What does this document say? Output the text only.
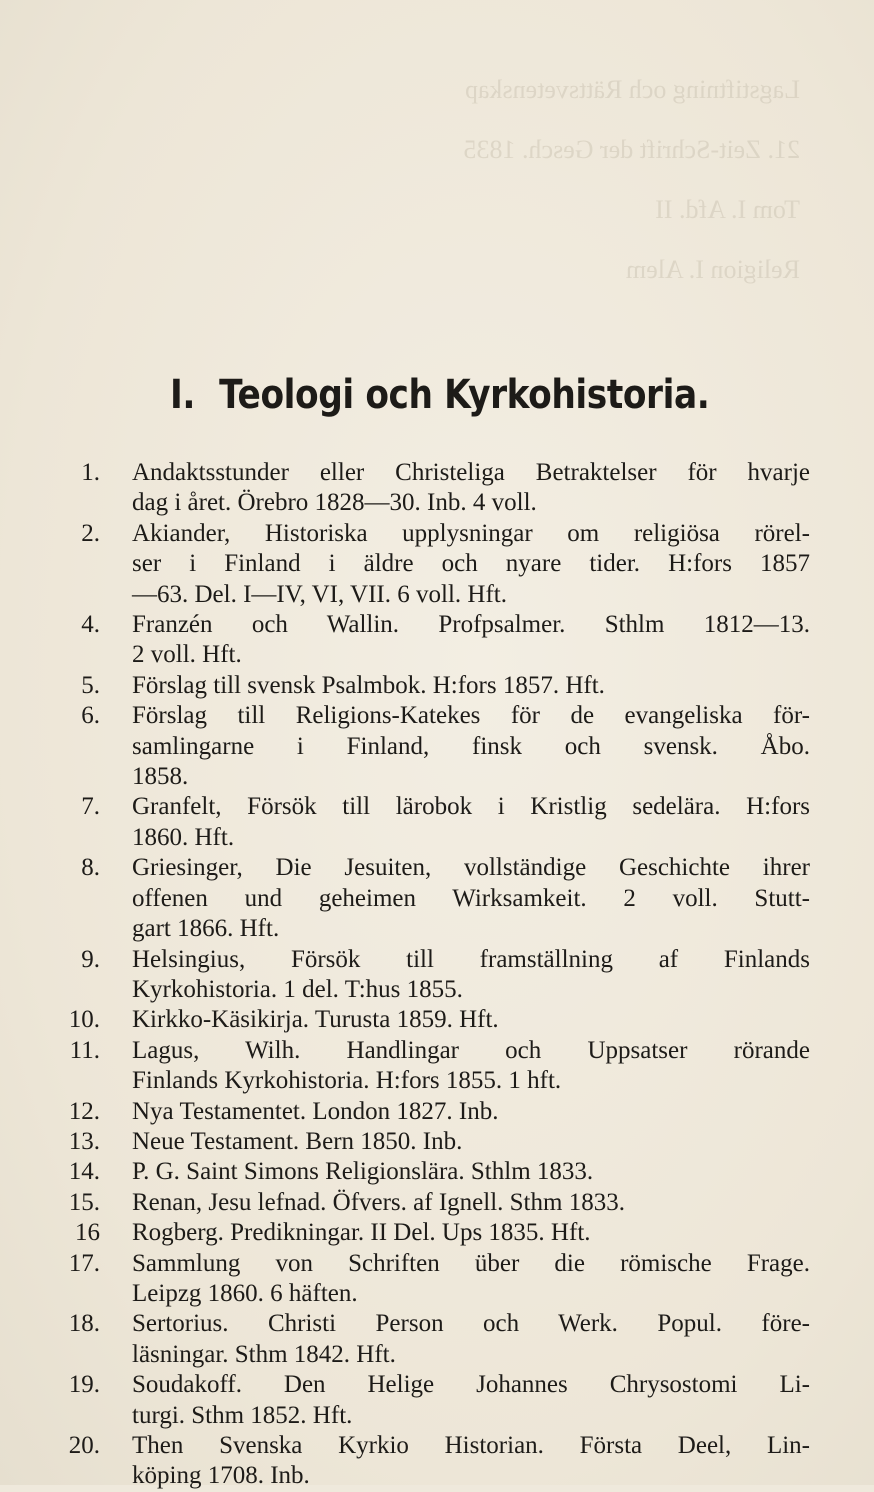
Lagstiftning och Rättsvetenskap
21. Zeit-Schrift der Gesch. 1835
Tom I. Afd. II
Religion I. Alem
I. Teologi och Kyrkohistoria.
1. Andaktsstunder eller Christeliga Betraktelser för hvarje
dag i året. Örebro 1828—30. Inb. 4 voll.
2. Akiander, Historiska upplysningar om religiösa rörel-
ser i Finland i äldre och nyare tider. H:fors 1857
—63. Del. I—IV, VI, VII. 6 voll. Hft.
4. Franzén och Wallin. Profpsalmer. Sthlm 1812—13.
2 voll. Hft.
5. Förslag till svensk Psalmbok. H:fors 1857. Hft.
6. Förslag till Religions-Katekes för de evangeliska för-
samlingarne i Finland, finsk och svensk. Åbo.
1858.
7. Granfelt, Försök till lärobok i Kristlig sedelära. H:fors
1860. Hft.
8. Griesinger, Die Jesuiten, vollständige Geschichte ihrer
offenen und geheimen Wirksamkeit. 2 voll. Stutt-
gart 1866. Hft.
9. Helsingius, Försök till framställning af Finlands
Kyrkohistoria. 1 del. T:hus 1855.
10. Kirkko-Käsikirja. Turusta 1859. Hft.
11. Lagus, Wilh. Handlingar och Uppsatser rörande
Finlands Kyrkohistoria. H:fors 1855. 1 hft.
12. Nya Testamentet. London 1827. Inb.
13. Neue Testament. Bern 1850. Inb.
14. P. G. Saint Simons Religionslära. Sthlm 1833.
15. Renan, Jesu lefnad. Öfvers. af Ignell. Sthm 1833.
16 Rogberg. Predikningar. II Del. Ups 1835. Hft.
17. Sammlung von Schriften über die römische Frage.
Leipzg 1860. 6 häften.
18. Sertorius. Christi Person och Werk. Popul. före-
läsningar. Sthm 1842. Hft.
19. Soudakoff. Den Helige Johannes Chrysostomi Li-
turgi. Sthm 1852. Hft.
20. Then Svenska Kyrkio Historian. Första Deel, Lin-
köping 1708. Inb.
